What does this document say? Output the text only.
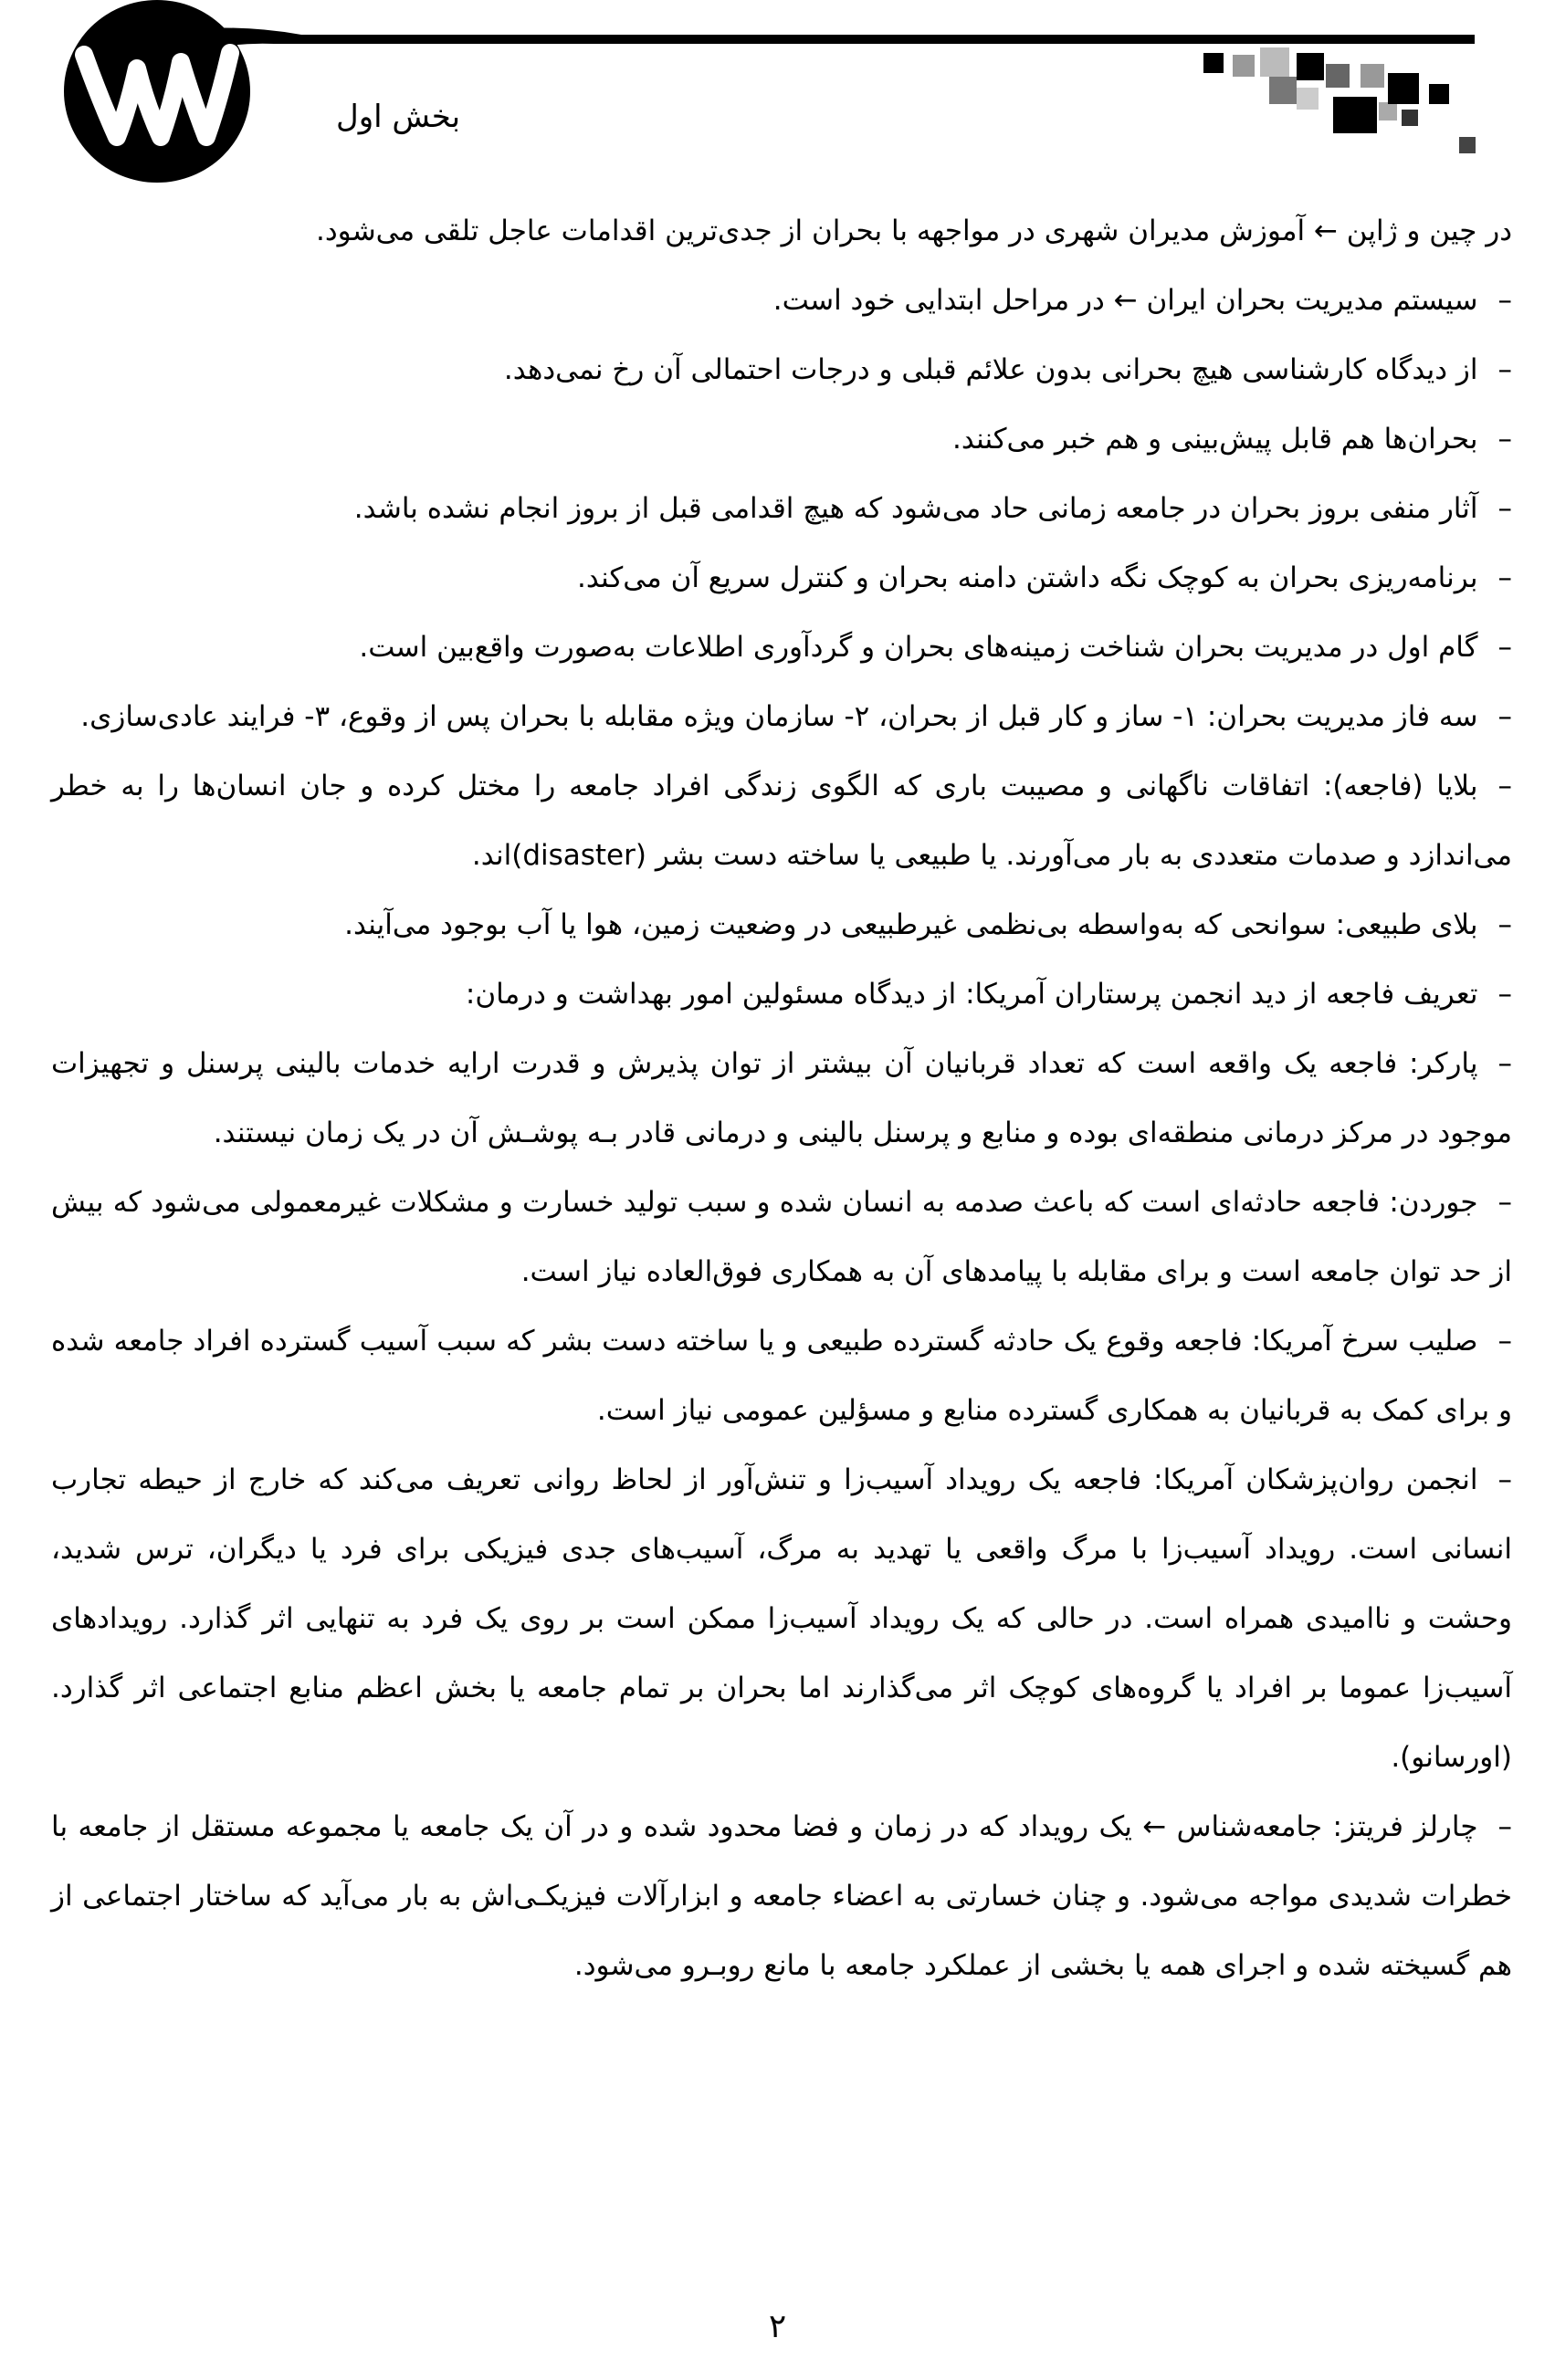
بخش اول

در چین و ژاپن ← آموزش مدیران شهری در مواجهه با بحران از جدی‌ترین اقدامات عاجل تلقی می‌شود.

–سیستم مدیریت بحران ایران ← در مراحل ابتدایی خود است.

–از دیدگاه کارشناسی هیچ بحرانی بدون علائم قبلی و درجات احتمالی آن رخ نمی‌دهد.

–بحران‌ها هم قابل پیش‌بینی و هم خبر می‌کنند.

–آثار منفی بروز بحران در جامعه زمانی حاد می‌شود که هیچ اقدامی قبل از بروز انجام نشده باشد.

–برنامه‌ریزی بحران به کوچک نگه داشتن دامنه بحران و کنترل سریع آن می‌کند.

–گام اول در مدیریت بحران شناخت زمینه‌های بحران و گردآوری اطلاعات به‌صورت واقع‌بین است.

–سه فاز مدیریت بحران: ۱- ساز و کار قبل از بحران، ۲- سازمان ویژه مقابله با بحران پس از وقوع، ۳- فرایند عادی‌سازی.

–بلایا (فاجعه): اتفاقات ناگهانی و مصیبت باری که الگوی زندگی افراد جامعه را مختل کرده و جان انسان‌ها را به خطر می‌اندازد و صدمات متعددی به بار می‌آورند. یا طبیعی یا ساخته دست بشر (disaster)اند.

–بلای طبیعی: سوانحی که به‌واسطه بی‌نظمی غیرطبیعی در وضعیت زمین، هوا یا آب بوجود می‌آیند.

–تعریف فاجعه از دید انجمن پرستاران آمریکا: از دیدگاه مسئولین امور بهداشت و درمان:

–پارکر: فاجعه یک واقعه است که تعداد قربانیان آن بیشتر از توان پذیرش و قدرت ارایه خدمات بالینی پرسنل و تجهیزات موجود در مرکز درمانی منطقه‌ای بوده و منابع و پرسنل بالینی و درمانی قادر بـه پوشـش آن در یک زمان نیستند.

–جوردن: فاجعه حادثه‌ای است که باعث صدمه به انسان شده و سبب تولید خسارت و مشکلات غیرمعمولی می‌شود که بیش از حد توان جامعه است و برای مقابله با پیامدهای آن به همکاری فوق‌العاده نیاز است.

–صلیب سرخ آمریکا: فاجعه وقوع یک حادثه گسترده طبیعی و یا ساخته دست بشر که سبب آسیب گسترده افراد جامعه شده و برای کمک به قربانیان به همکاری گسترده منابع و مسؤلین عمومی نیاز است.

–انجمن روان‌پزشکان آمریکا: فاجعه یک رویداد آسیب‌زا و تنش‌آور از لحاظ روانی تعریف می‌کند که خارج از حیطه تجارب انسانی است. رویداد آسیب‌زا با مرگ واقعی یا تهدید به مرگ، آسیب‌های جدی فیزیکی برای فرد یا دیگران، ترس شدید، وحشت و ناامیدی همراه است. در حالی که یک رویداد آسیب‌زا ممکن است بر روی یک فرد به تنهایی اثر گذارد. رویدادهای آسیب‌زا عموما بر افراد یا گروه‌های کوچک اثر می‌گذارند اما بحران بر تمام جامعه یا بخش اعظم منابع اجتماعی اثر گذارد. (اورسانو).

–چارلز فریتز: جامعه‌شناس ← یک رویداد که در زمان و فضا محدود شده و در آن یک جامعه یا مجموعه مستقل از جامعه با خطرات شدیدی مواجه می‌شود. و چنان خسارتی به اعضاء جامعه و ابزارآلات فیزیکـی‌اش به بار می‌آید که ساختار اجتماعی از هم گسیخته شده و اجرای همه یا بخشی از عملکرد جامعه با مانع روبـرو می‌شود.

۲
